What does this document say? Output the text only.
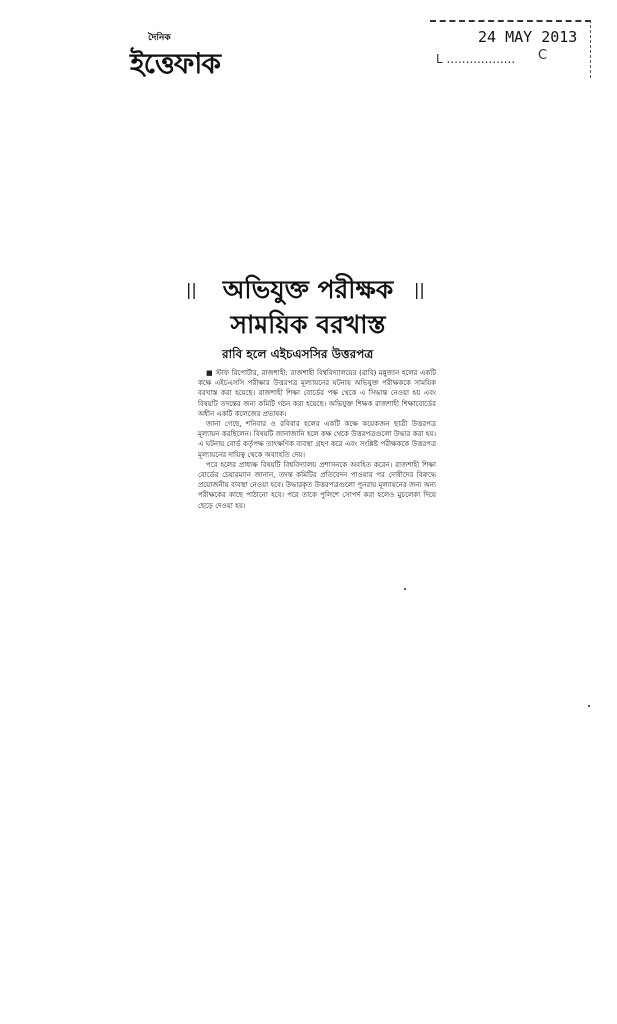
দৈনিক
ইত্তেফাক
24 MAY 2013
L .................. C
||	অভিযুক্ত পরীক্ষক	||
সাময়িক বরখাস্ত
রাবি হলে এইচএসসির উত্তরপত্র

■ স্টাফ রিপোর্টার, রাজশাহী: রাজশাহী বিশ্ববিদ্যালয়ের (রাবি) মন্নুজান হলের একটি কক্ষে এইচএসসি পরীক্ষার উত্তরপত্র মূল্যায়নের ঘটনায় অভিযুক্ত পরীক্ষককে সাময়িক বরখাস্ত করা হয়েছে। রাজশাহী শিক্ষা বোর্ডের পক্ষ থেকে এ সিদ্ধান্ত নেওয়া হয় এবং বিষয়টি তদন্তের জন্য কমিটি গঠন করা হয়েছে। অভিযুক্ত শিক্ষক রাজশাহী শিক্ষাবোর্ডের অধীন একটি কলেজের প্রভাষক।

জানা গেছে, শনিবার ও রবিবার হলের একটি কক্ষে কয়েকজন ছাত্রী উত্তরপত্র মূল্যায়ন করছিলেন। বিষয়টি জানাজানি হলে কক্ষ থেকে উত্তরপত্রগুলো উদ্ধার করা হয়। এ ঘটনায় বোর্ড কর্তৃপক্ষ তাৎক্ষণিক ব্যবস্থা গ্রহণ করে এবং সংশ্লিষ্ট পরীক্ষককে উত্তরপত্র মূল্যায়নের দায়িত্ব থেকে অব্যাহতি দেয়।

পরে হলের প্রাধ্যক্ষ বিষয়টি বিশ্ববিদ্যালয় প্রশাসনকে অবহিত করেন। রাজশাহী শিক্ষা বোর্ডের চেয়ারম্যান জানান, তদন্ত কমিটির প্রতিবেদন পাওয়ার পর দোষীদের বিরুদ্ধে প্রয়োজনীয় ব্যবস্থা নেওয়া হবে। উদ্ধারকৃত উত্তরপত্রগুলো পুনরায় মূল্যায়নের জন্য অন্য পরীক্ষকের কাছে পাঠানো হবে। পরে তাকে পুলিশে সোপর্দ করা হলেও মুচলেকা দিয়ে ছেড়ে দেওয়া হয়।
